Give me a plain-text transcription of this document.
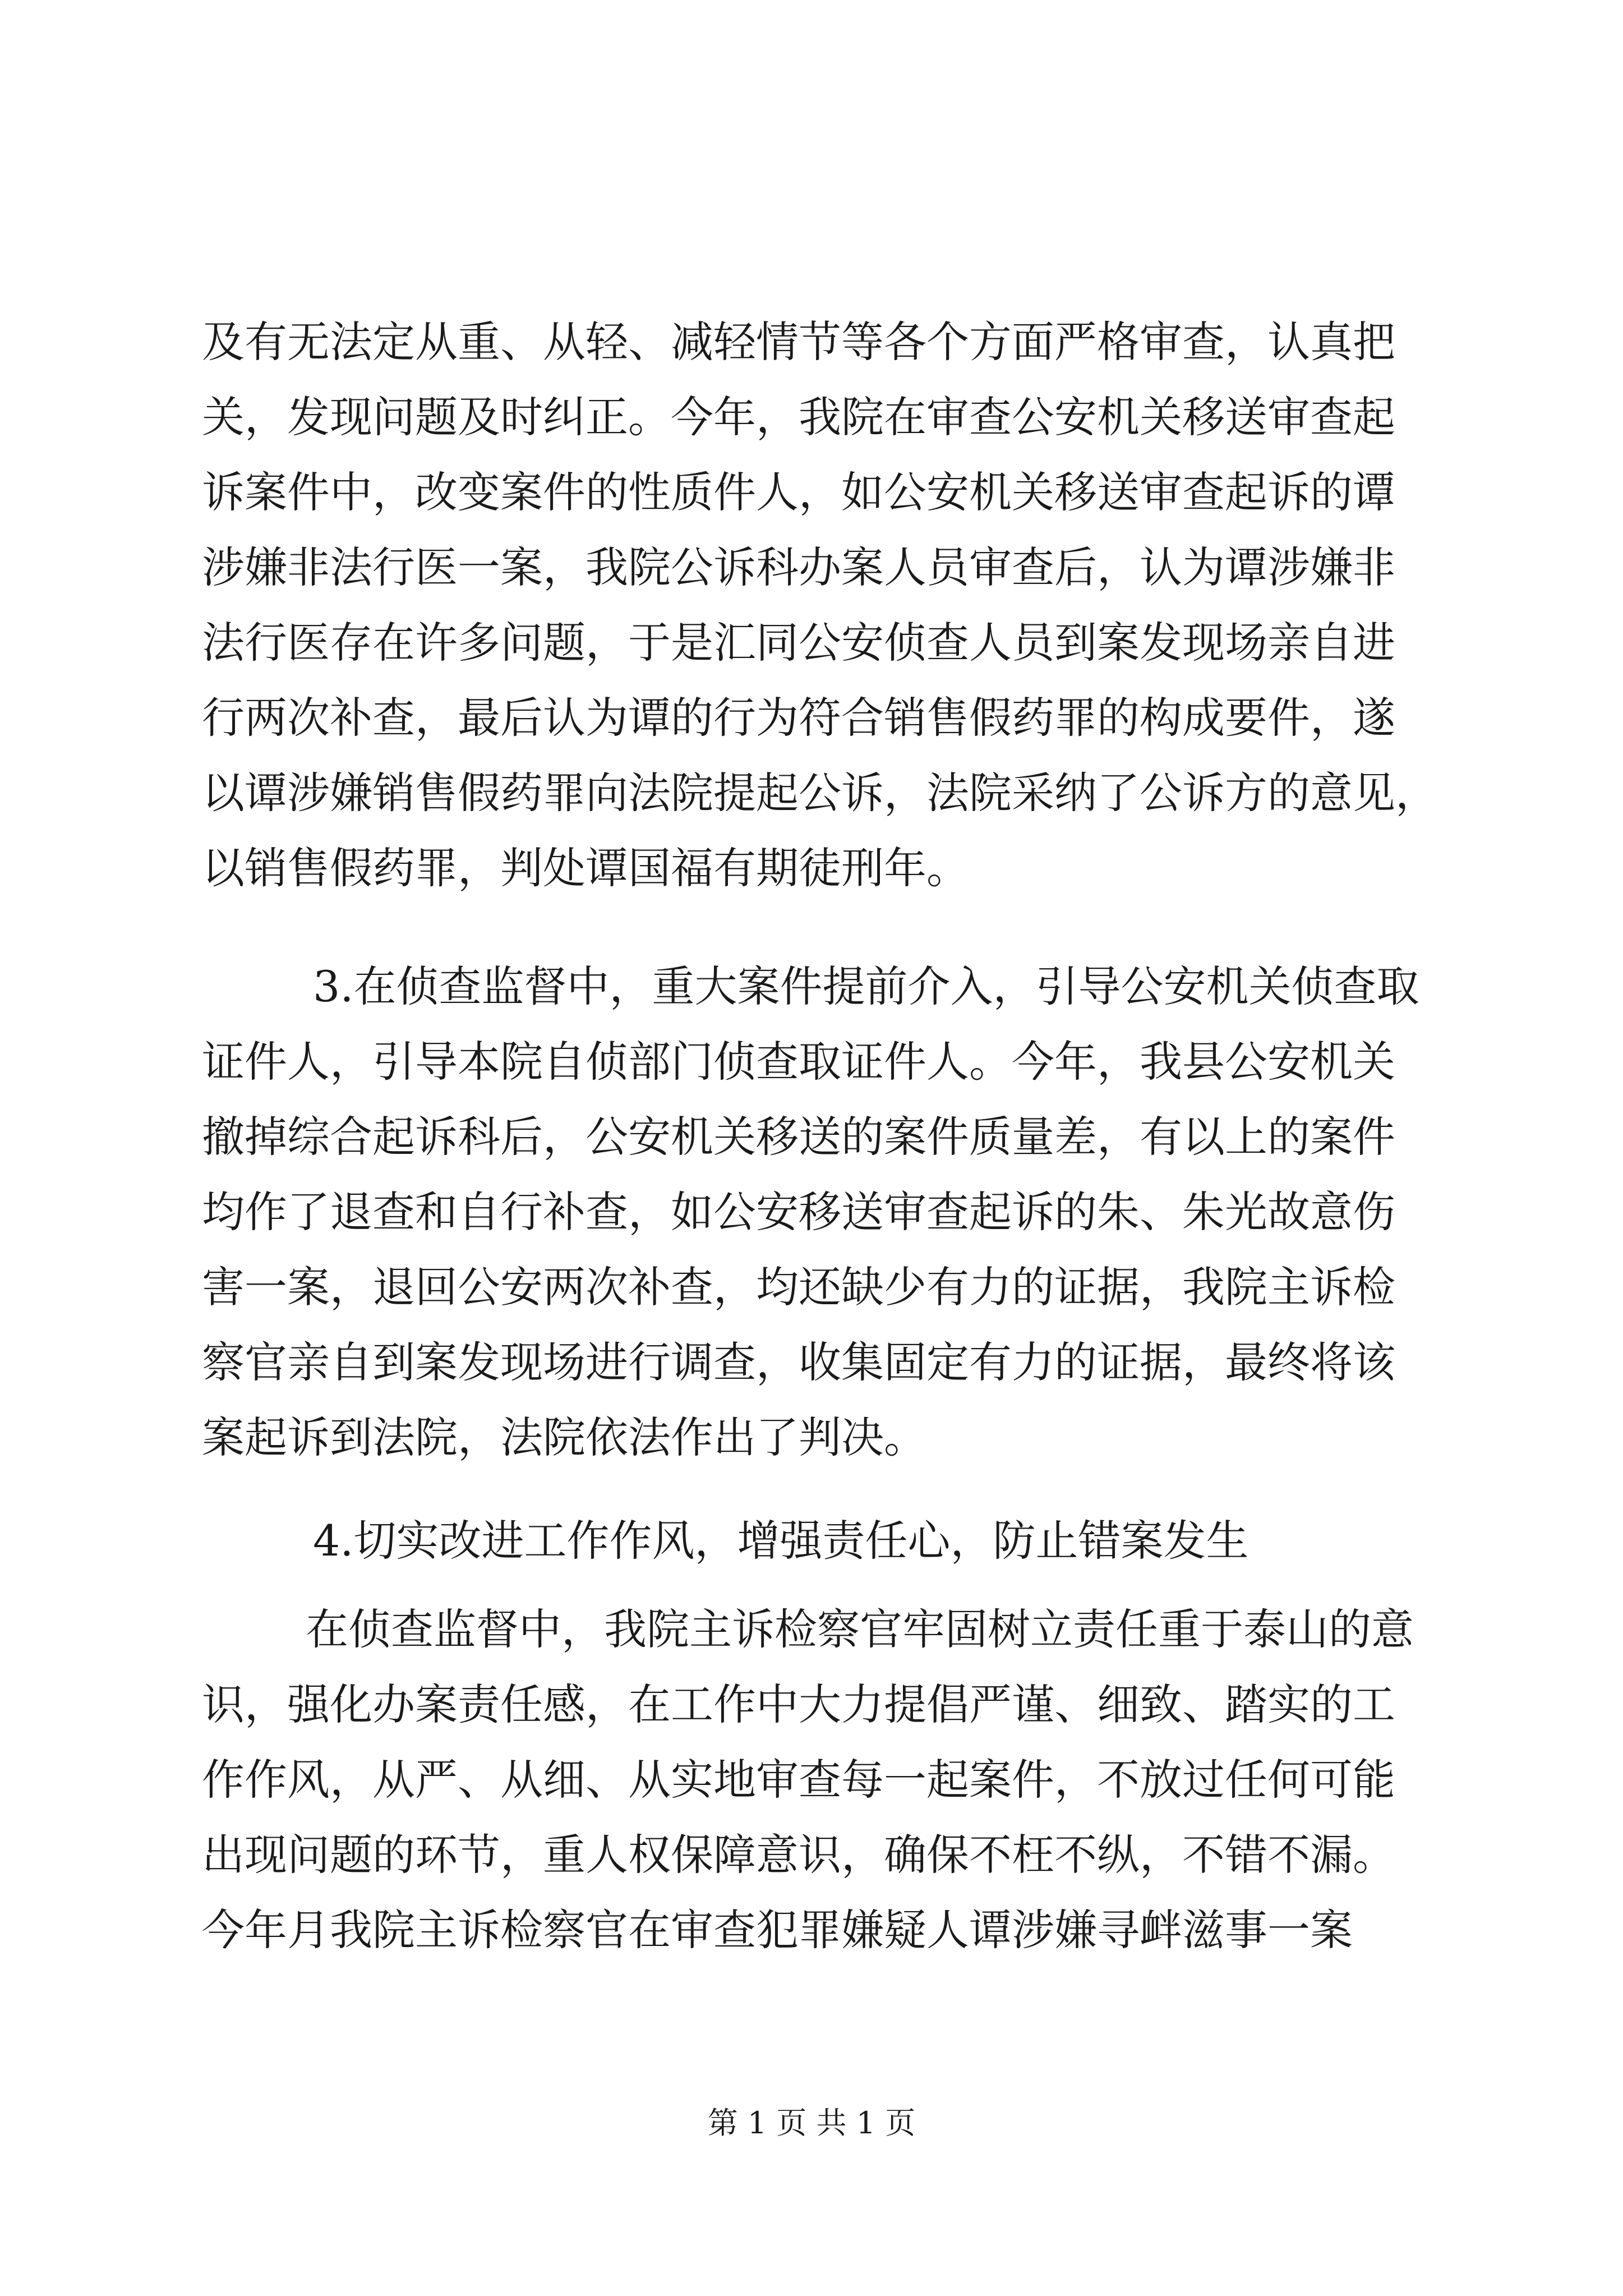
及有无法定从重、从轻、减轻情节等各个方面严格审查，认真把
关，发现问题及时纠正。今年，我院在审查公安机关移送审查起
诉案件中，改变案件的性质件人，如公安机关移送审查起诉的谭
涉嫌非法行医一案，我院公诉科办案人员审查后，认为谭涉嫌非
法行医存在许多问题，于是汇同公安侦查人员到案发现场亲自进
行两次补查，最后认为谭的行为符合销售假药罪的构成要件，遂
以谭涉嫌销售假药罪向法院提起公诉，法院采纳了公诉方的意见，
以销售假药罪，判处谭国福有期徒刑年。
3.在侦查监督中，重大案件提前介入，引导公安机关侦查取
证件人，引导本院自侦部门侦查取证件人。今年，我县公安机关
撤掉综合起诉科后，公安机关移送的案件质量差，有以上的案件
均作了退查和自行补查，如公安移送审查起诉的朱、朱光故意伤
害一案，退回公安两次补查，均还缺少有力的证据，我院主诉检
察官亲自到案发现场进行调查，收集固定有力的证据，最终将该
案起诉到法院，法院依法作出了判决。
4.切实改进工作作风，增强责任心，防止错案发生
在侦查监督中，我院主诉检察官牢固树立责任重于泰山的意
识，强化办案责任感，在工作中大力提倡严谨、细致、踏实的工
作作风，从严、从细、从实地审查每一起案件，不放过任何可能
出现问题的环节，重人权保障意识，确保不枉不纵，不错不漏。
今年月我院主诉检察官在审查犯罪嫌疑人谭涉嫌寻衅滋事一案
第 1 页 共 1 页
